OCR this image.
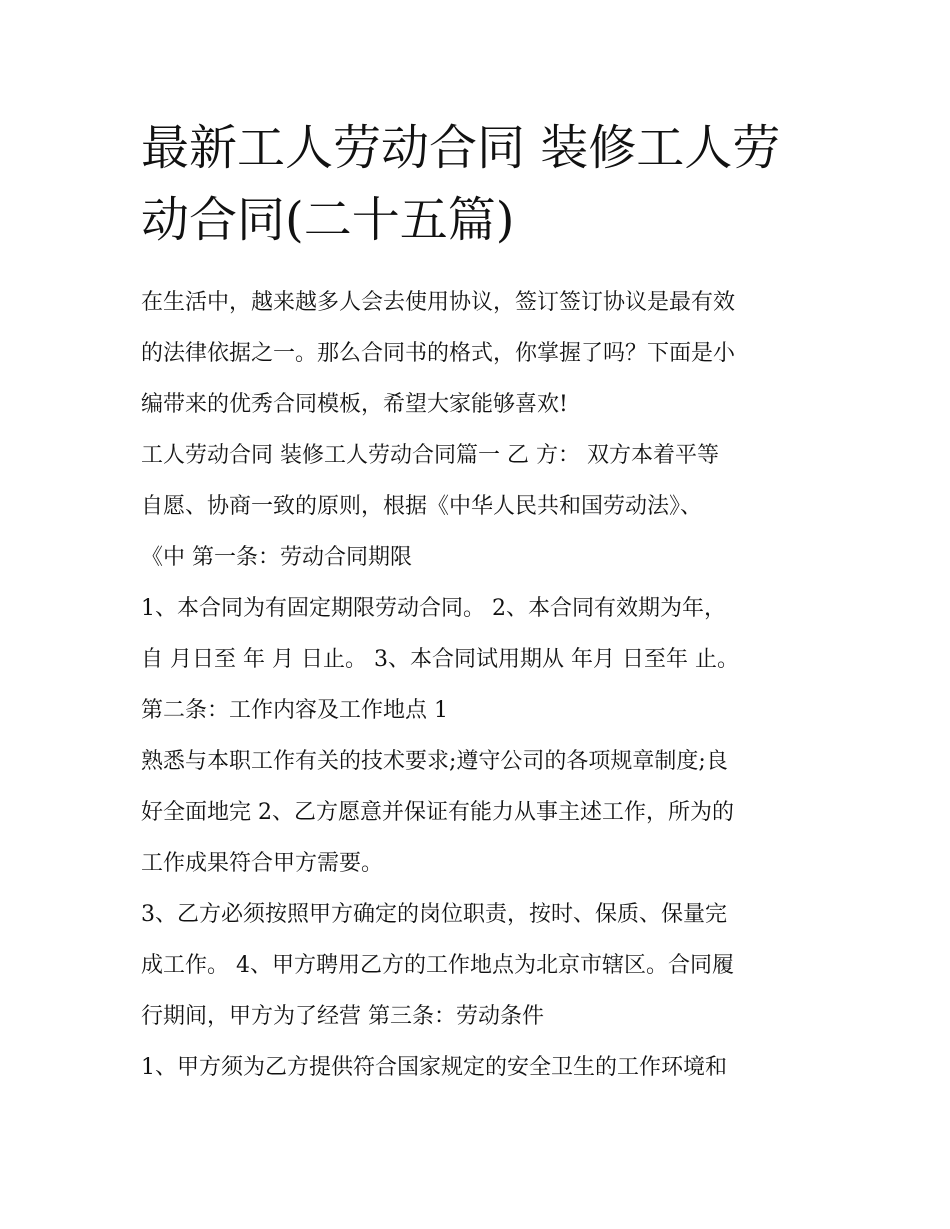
最新工人劳动合同 装修工人劳
动合同(二十五篇)
在生活中，越来越多人会去使用协议，签订签订协议是最有效
的法律依据之一。那么合同书的格式，你掌握了吗？下面是小
编带来的优秀合同模板，希望大家能够喜欢!
工人劳动合同 装修工人劳动合同篇一 乙 方： 双方本着平等
自愿、协商一致的原则，根据《中华人民共和国劳动法》、
《中 第一条：劳动合同期限
1、本合同为有固定期限劳动合同。 2、本合同有效期为年，
自 月日至 年 月 日止。 3、本合同试用期从 年月 日至年 止。
第二条：工作内容及工作地点 1
熟悉与本职工作有关的技术要求;遵守公司的各项规章制度;良
好全面地完 2、乙方愿意并保证有能力从事主述工作，所为的
工作成果符合甲方需要。
3、乙方必须按照甲方确定的岗位职责，按时、保质、保量完
成工作。 4、甲方聘用乙方的工作地点为北京市辖区。合同履
行期间，甲方为了经营 第三条：劳动条件
1、甲方须为乙方提供符合国家规定的安全卫生的工作环境和
